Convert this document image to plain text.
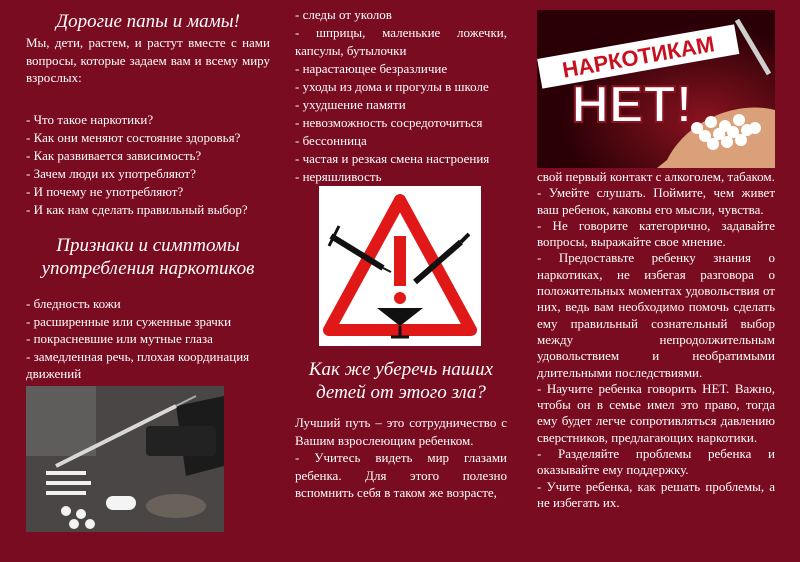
Дорогие папы и мамы!

Мы, дети, растем, и растут вместе с нами вопросы, которые задаем вам и всему миру взрослых:

- Что такое наркотики?
- Как они меняют состояние здоровья?
- Как развивается зависимость?
- Зачем люди их употребляют?
- И почему не употребляют?
- И как нам сделать правильный выбор?
Признаки и симптомы употребления наркотиков
- бледность кожи
- расширенные или суженные зрачки
- покрасневшие или мутные глаза
- замедленная речь, плохая координация движений
- следы от уколов
- шприцы, маленькие ложечки, капсулы, бутылочки
- нарастающее безразличие
- уходы из дома и прогулы в школе
- ухудшение памяти
- невозможность сосредоточиться
- бессонница
- частая и резкая смена настроения
- неряшливость
Как же уберечь наших детей от этого зла?

Лучший путь – это сотрудничество с Вашим взрослеющим ребенком.

- Учитесь видеть мир глазами ребенка. Для этого полезно вспомнить себя в таком же возрасте,

НАРКОТИКАМ
НЕТ!

свой первый контакт с алкоголем, табаком.

- Умейте слушать. Поймите, чем живет ваш ребенок, каковы его мысли, чувства.

- Не говорите категорично, задавайте вопросы, выражайте свое мнение.

- Предоставьте ребенку знания о наркотиках, не избегая разговора о положительных моментах удовольствия от них, ведь вам необходимо помочь сделать ему правильный сознательный выбор между непродолжительным удовольствием и необратимыми длительными последствиями.

- Научите ребенка говорить НЕТ. Важно, чтобы он в семье имел это право, тогда ему будет легче сопротивляться давлению сверстников, предлагающих наркотики.

- Разделяйте проблемы ребенка и оказывайте ему поддержку.

- Учите ребенка, как решать проблемы, а не избегать их.
